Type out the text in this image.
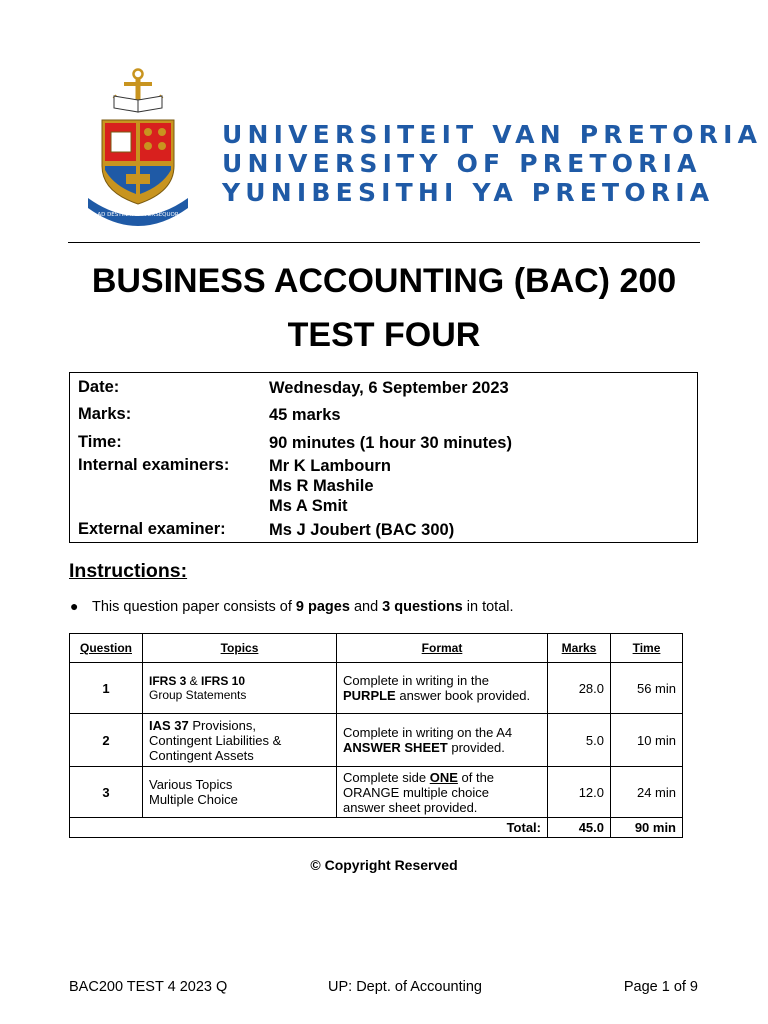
AD DESTINATUM PERSEQUOR
UNIVERSITEIT VAN PRETORIA
UNIVERSITY OF PRETORIA
YUNIBESITHI YA PRETORIA
BUSINESS ACCOUNTING (BAC) 200
TEST FOUR
Date:	Wednesday, 6 September 2023
Marks:	45 marks
Time:	90 minutes (1 hour 30 minutes)
Internal examiners:	Mr K Lambourn
Ms R Mashile
Ms A Smit
External examiner:	Ms J Joubert (BAC 300)
Instructions:
● This question paper consists of 9 pages and 3 questions in total.
Question	Topics	Format	Marks	Time
1	IFRS 3 & IFRS 10
Group Statements	Complete in writing in the
PURPLE answer book provided.	28.0	56 min
2	IAS 37 Provisions,
Contingent Liabilities &
Contingent Assets	Complete in writing on the A4
ANSWER SHEET provided.	5.0	10 min
3	Various Topics
Multiple Choice	Complete side ONE of the
ORANGE multiple choice
answer sheet provided.	12.0	24 min
Total:			45.0	90 min
© Copyright Reserved
BAC200 TEST 4 2023 Q	UP: Dept. of Accounting	Page 1 of 9
